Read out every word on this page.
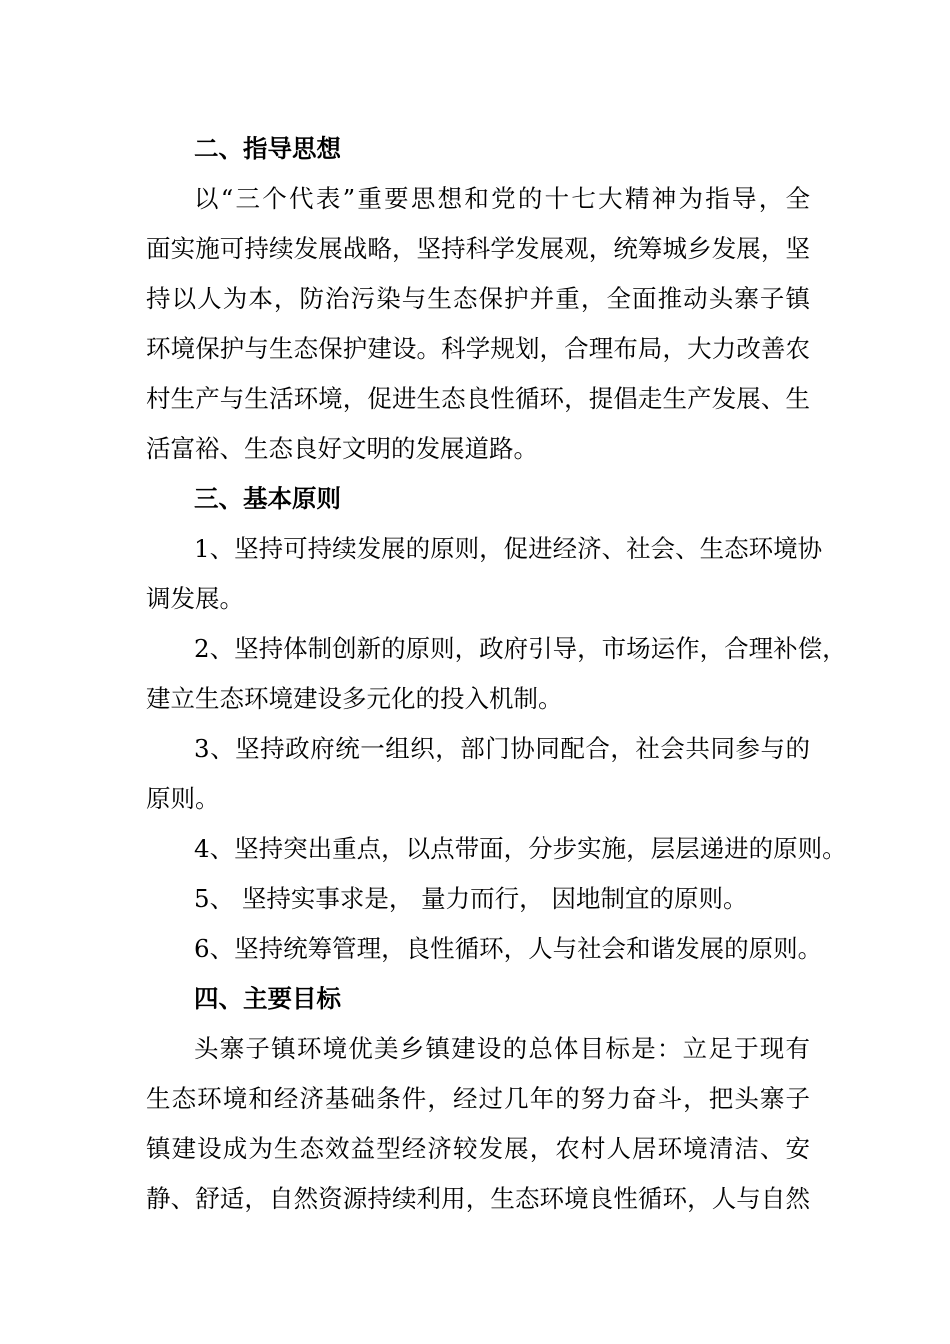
二、指导思想
以“三个代表”重要思想和党的十七大精神为指导，全
面实施可持续发展战略，坚持科学发展观，统筹城乡发展，坚
持以人为本，防治污染与生态保护并重，全面推动头寨子镇
环境保护与生态保护建设。科学规划，合理布局，大力改善农
村生产与生活环境，促进生态良性循环，提倡走生产发展、生
活富裕、生态良好文明的发展道路。
三、基本原则
1、坚持可持续发展的原则，促进经济、社会、生态环境协
调发展。
2、坚持体制创新的原则，政府引导，市场运作，合理补偿，
建立生态环境建设多元化的投入机制。
3、坚持政府统一组织，部门协同配合，社会共同参与的
原则。
4、坚持突出重点，以点带面，分步实施，层层递进的原则。
5、 坚持实事求是， 量力而行， 因地制宜的原则。
6、坚持统筹管理，良性循环，人与社会和谐发展的原则。
四、主要目标
头寨子镇环境优美乡镇建设的总体目标是：立足于现有
生态环境和经济基础条件，经过几年的努力奋斗，把头寨子
镇建设成为生态效益型经济较发展，农村人居环境清洁、安
静、舒适，自然资源持续利用，生态环境良性循环，人与自然
